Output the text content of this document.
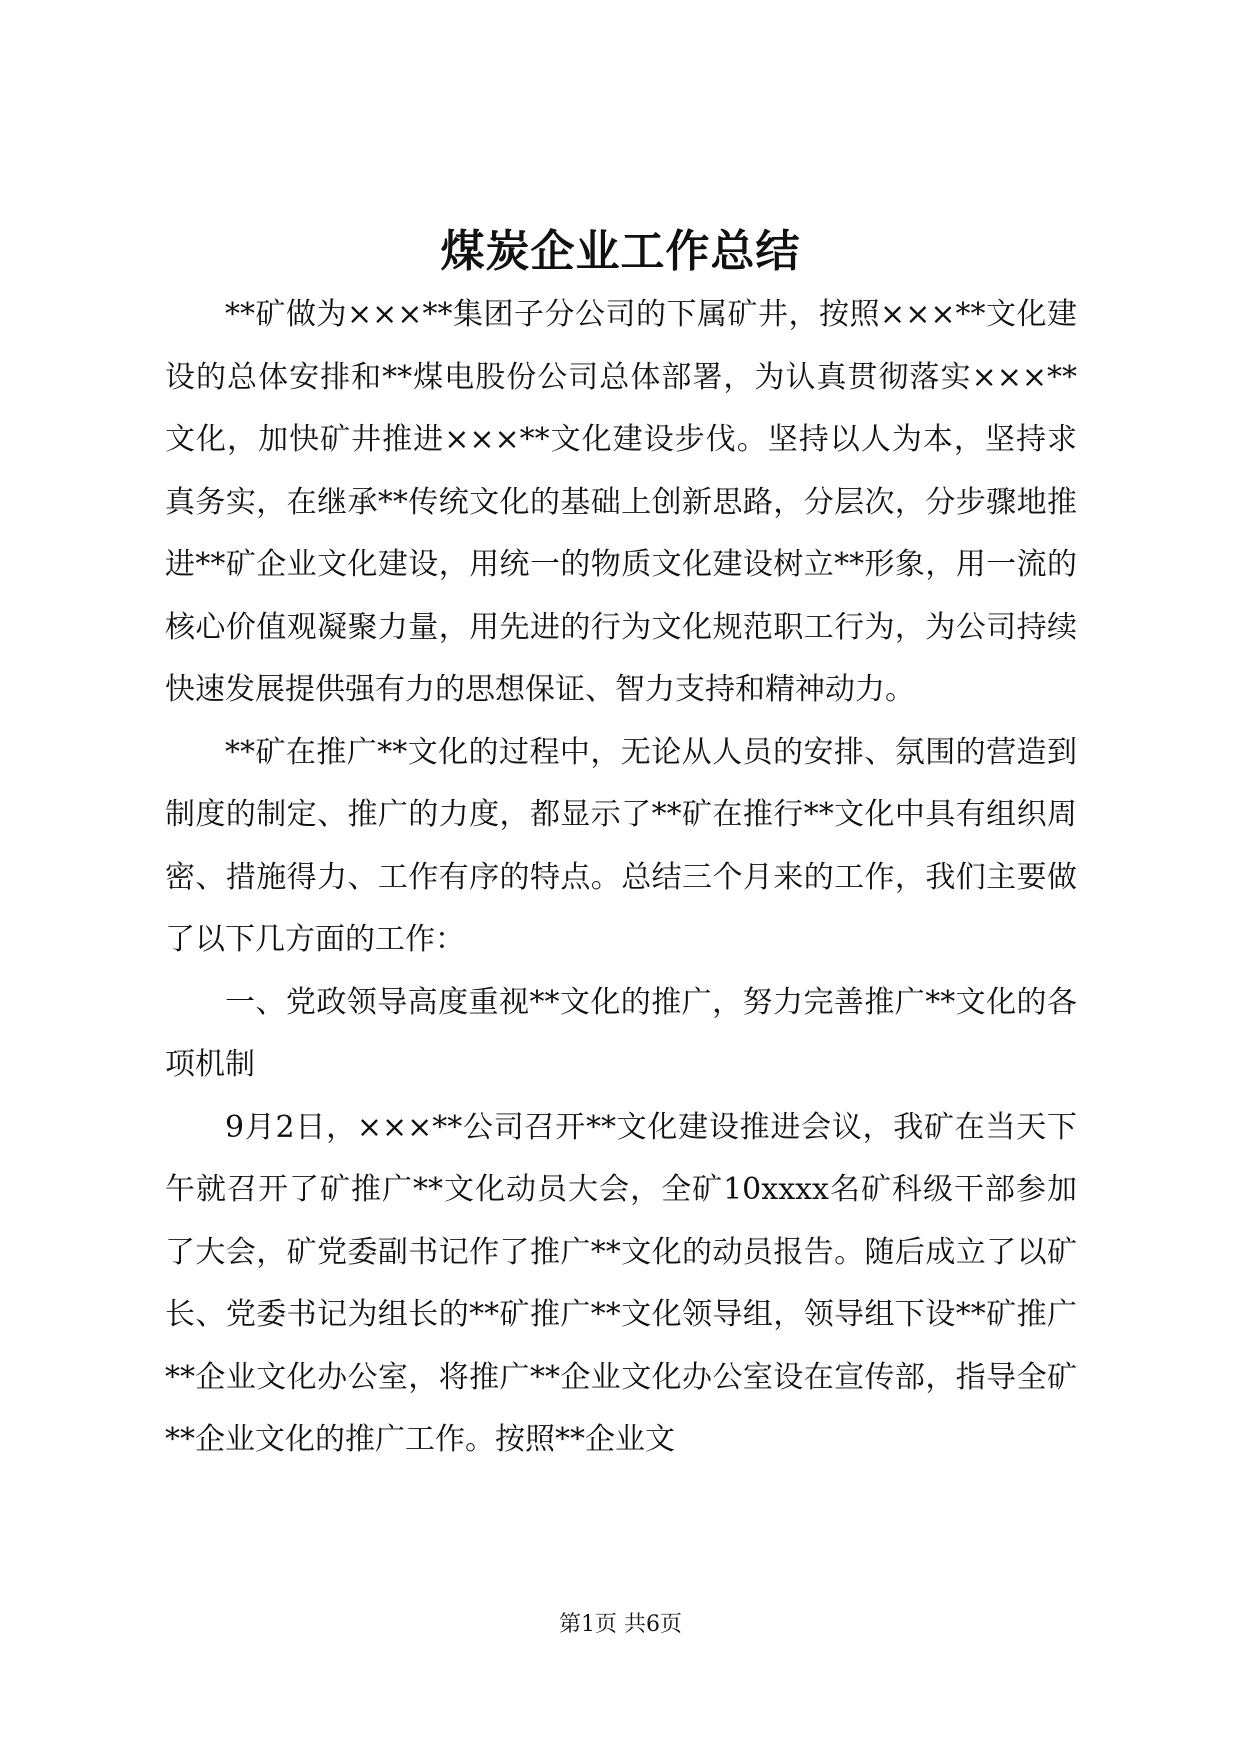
煤炭企业工作总结

**矿做为×××**集团子分公司的下属矿井，按照×××**文化建设的总体安排和**煤电股份公司总体部署，为认真贯彻落实×××**文化，加快矿井推进×××**文化建设步伐。坚持以人为本，坚持求真务实，在继承**传统文化的基础上创新思路，分层次，分步骤地推进**矿企业文化建设，用统一的物质文化建设树立**形象，用一流的核心价值观凝聚力量，用先进的行为文化规范职工行为，为公司持续快速发展提供强有力的思想保证、智力支持和精神动力。

**矿在推广**文化的过程中，无论从人员的安排、氛围的营造到制度的制定、推广的力度，都显示了**矿在推行**文化中具有组织周密、措施得力、工作有序的特点。总结三个月来的工作，我们主要做了以下几方面的工作：

一、党政领导高度重视**文化的推广，努力完善推广**文化的各项机制

9月2日，×××**公司召开**文化建设推进会议，我矿在当天下午就召开了矿推广**文化动员大会，全矿10xxxx名矿科级干部参加了大会，矿党委副书记作了推广**文化的动员报告。随后成立了以矿长、党委书记为组长的**矿推广**文化领导组，领导组下设**矿推广**企业文化办公室，将推广**企业文化办公室设在宣传部，指导全矿**企业文化的推广工作。按照**企业文

第1页 共6页
